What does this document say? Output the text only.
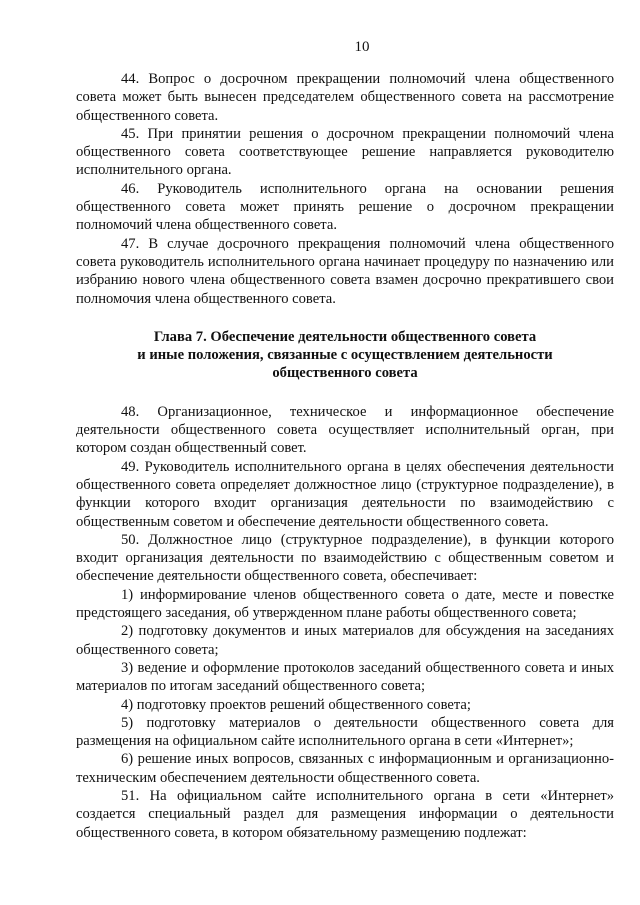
10

44. Вопрос о досрочном прекращении полномочий члена общественного совета может быть вынесен председателем общественного совета на рассмотрение общественного совета.

45. При принятии решения о досрочном прекращении полномочий члена общественного совета соответствующее решение направляется руководителю исполнительного органа.

46. Руководитель исполнительного органа на основании решения общественного совета может принять решение о досрочном прекращении полномочий члена общественного совета.

47. В случае досрочного прекращения полномочий члена общественного совета руководитель исполнительного органа начинает процедуру по назначению или избранию нового члена общественного совета взамен досрочно прекратившего свои полномочия члена общественного совета.

Глава 7. Обеспечение деятельности общественного совета
и иные положения, связанные с осуществлением деятельности
общественного совета

48. Организационное, техническое и информационное обеспечение деятельности общественного совета осуществляет исполнительный орган, при котором создан общественный совет.

49. Руководитель исполнительного органа в целях обеспечения деятельности общественного совета определяет должностное лицо (структурное подразделение), в функции которого входит организация деятельности по взаимодействию с общественным советом и обеспечение деятельности общественного совета.

50. Должностное лицо (структурное подразделение), в функции которого входит организация деятельности по взаимодействию с общественным советом и обеспечение деятельности общественного совета, обеспечивает:

1) информирование членов общественного совета о дате, месте и повестке предстоящего заседания, об утвержденном плане работы общественного совета;

2) подготовку документов и иных материалов для обсуждения на заседаниях общественного совета;

3) ведение и оформление протоколов заседаний общественного совета и иных материалов по итогам заседаний общественного совета;

4) подготовку проектов решений общественного совета;

5) подготовку материалов о деятельности общественного совета для размещения на официальном сайте исполнительного органа в сети «Интернет»;

6) решение иных вопросов, связанных с информационным и организационно-техническим обеспечением деятельности общественного совета.

51. На официальном сайте исполнительного органа в сети «Интернет» создается специальный раздел для размещения информации о деятельности общественного совета, в котором обязательному размещению подлежат:
